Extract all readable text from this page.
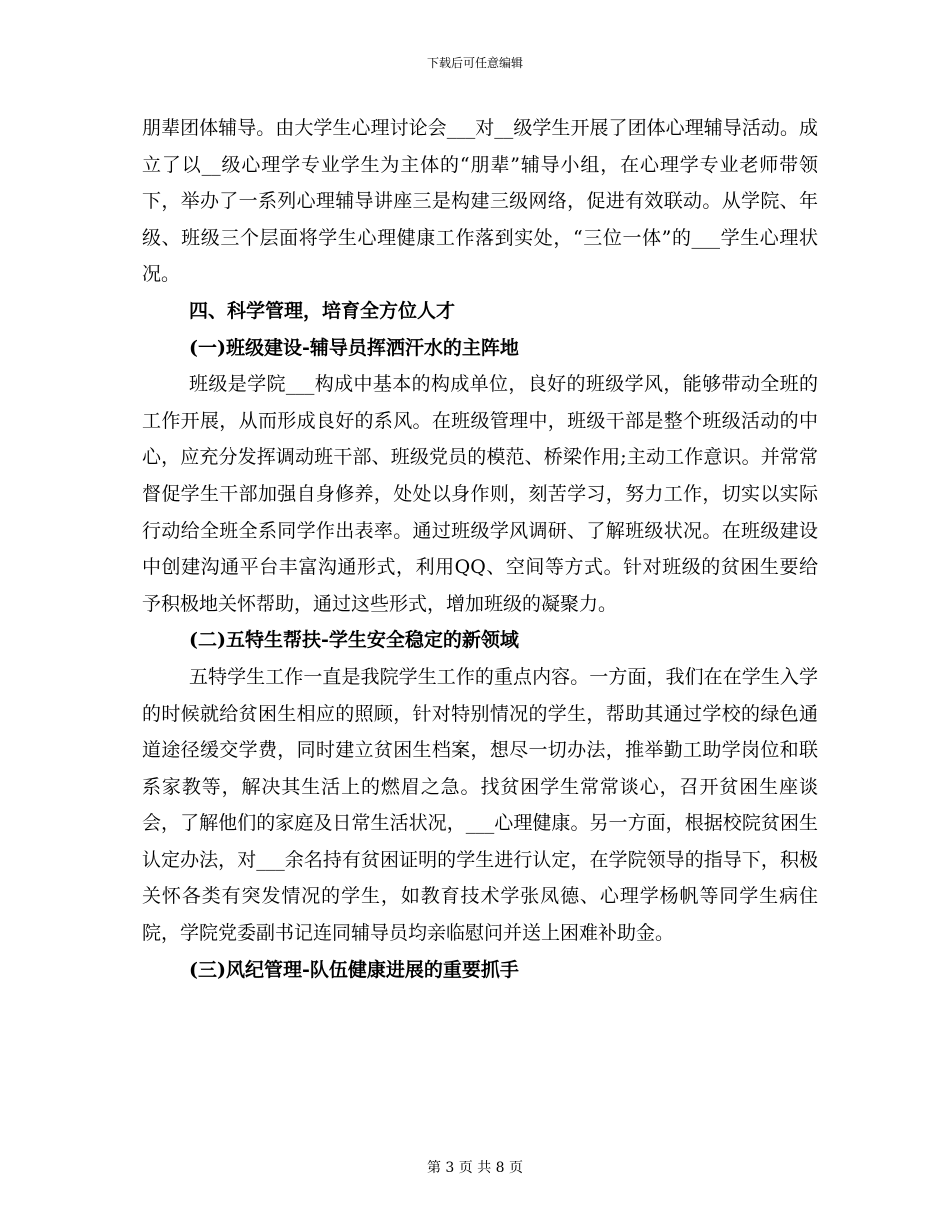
下载后可任意编辑

朋辈团体辅导。由大学生心理讨论会___对__级学生开展了团体心理辅导活动。成立了以__级心理学专业学生为主体的“朋辈”辅导小组，在心理学专业老师带领下，举办了一系列心理辅导讲座三是构建三级网络，促进有效联动。从学院、年级、班级三个层面将学生心理健康工作落到实处，“三位一体”的___学生心理状况。

四、科学管理，培育全方位人才

(一)班级建设-辅导员挥洒汗水的主阵地

班级是学院___构成中基本的构成单位，良好的班级学风，能够带动全班的工作开展，从而形成良好的系风。在班级管理中，班级干部是整个班级活动的中心，应充分发挥调动班干部、班级党员的模范、桥梁作用;主动工作意识。并常常督促学生干部加强自身修养，处处以身作则，刻苦学习，努力工作，切实以实际行动给全班全系同学作出表率。通过班级学风调研、了解班级状况。在班级建设中创建沟通平台丰富沟通形式，利用QQ、空间等方式。针对班级的贫困生要给予积极地关怀帮助，通过这些形式，增加班级的凝聚力。

(二)五特生帮扶-学生安全稳定的新领域

五特学生工作一直是我院学生工作的重点内容。一方面，我们在在学生入学的时候就给贫困生相应的照顾，针对特别情况的学生，帮助其通过学校的绿色通道途径缓交学费，同时建立贫困生档案，想尽一切办法，推举勤工助学岗位和联系家教等，解决其生活上的燃眉之急。找贫困学生常常谈心，召开贫困生座谈会，了解他们的家庭及日常生活状况，___心理健康。另一方面，根据校院贫困生认定办法，对___余名持有贫困证明的学生进行认定，在学院领导的指导下，积极关怀各类有突发情况的学生，如教育技术学张凤德、心理学杨帆等同学生病住院，学院党委副书记连同辅导员均亲临慰问并送上困难补助金。

(三)风纪管理-队伍健康进展的重要抓手

第 3 页 共 8 页
